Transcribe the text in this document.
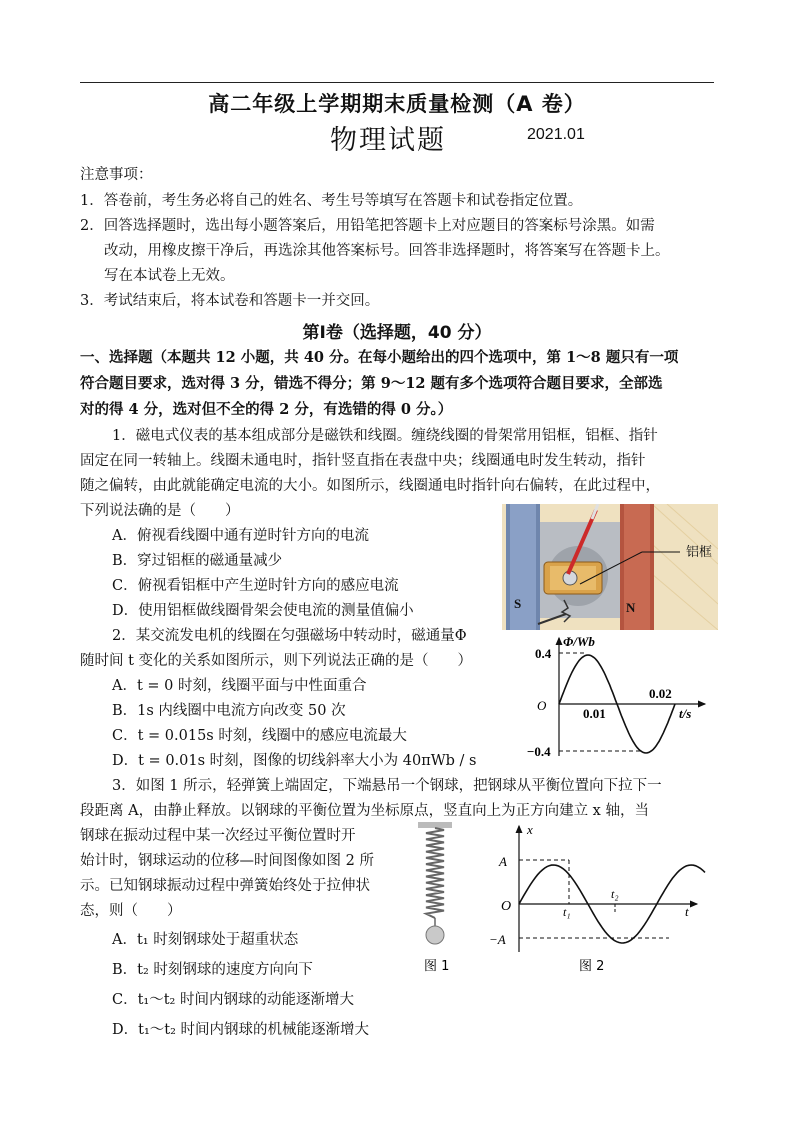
高二年级上学期期末质量检测（A 卷）
物理试题	2021.01
注意事项：
1．答卷前，考生务必将自己的姓名、考生号等填写在答题卡和试卷指定位置。
2．回答选择题时，选出每小题答案后，用铅笔把答题卡上对应题目的答案标号涂黑。如需
改动，用橡皮擦干净后，再选涂其他答案标号。回答非选择题时，将答案写在答题卡上。
写在本试卷上无效。
3．考试结束后，将本试卷和答题卡一并交回。
第Ⅰ卷（选择题，40 分）
一、选择题（本题共 12 小题，共 40 分。在每小题给出的四个选项中，第 1～8 题只有一项
符合题目要求，选对得 3 分，错选不得分；第 9～12 题有多个选项符合题目要求，全部选
对的得 4 分，选对但不全的得 2 分，有选错的得 0 分。）
1．磁电式仪表的基本组成部分是磁铁和线圈。缠绕线圈的骨架常用铝框，铝框、指针
固定在同一转轴上。线圈未通电时，指针竖直指在表盘中央；线圈通电时发生转动，指针
随之偏转，由此就能确定电流的大小。如图所示，线圈通电时指针向右偏转，在此过程中，
下列说法确的是（　　）
A．俯视看线圈中通有逆时针方向的电流
B．穿过铝框的磁通量减少
C．俯视看铝框中产生逆时针方向的感应电流
D．使用铝框做线圈骨架会使电流的测量值偏小	S	N
铝框
2．某交流发电机的线圈在匀强磁场中转动时，磁通量Φ
随时间 t 变化的关系如图所示，则下列说法正确的是（　　）
A．t = 0 时刻，线圈平面与中性面重合
B．1s 内线圈中电流方向改变 50 次
C．t = 0.015s 时刻，线圈中的感应电流最大
D．t = 0.01s 时刻，图像的切线斜率大小为 40πWb / s
Φ/Wb
0.4
O
−0.4
0.01
0.02
t/s
3．如图 1 所示，轻弹簧上端固定，下端悬吊一个钢球，把钢球从平衡位置向下拉下一
段距离 A，由静止释放。以钢球的平衡位置为坐标原点，竖直向上为正方向建立 x 轴，当
钢球在振动过程中某一次经过平衡位置时开
始计时，钢球运动的位移—时间图像如图 2 所
示。已知钢球振动过程中弹簧始终处于拉伸状
态，则（　　）
A．t₁ 时刻钢球处于超重状态
B．t₂ 时刻钢球的速度方向向下
C．t₁～t₂ 时间内钢球的动能逐渐增大
D．t₁～t₂ 时间内钢球的机械能逐渐增大
图 1
x
A
O
−A
t₁
t₂
t
图 2
